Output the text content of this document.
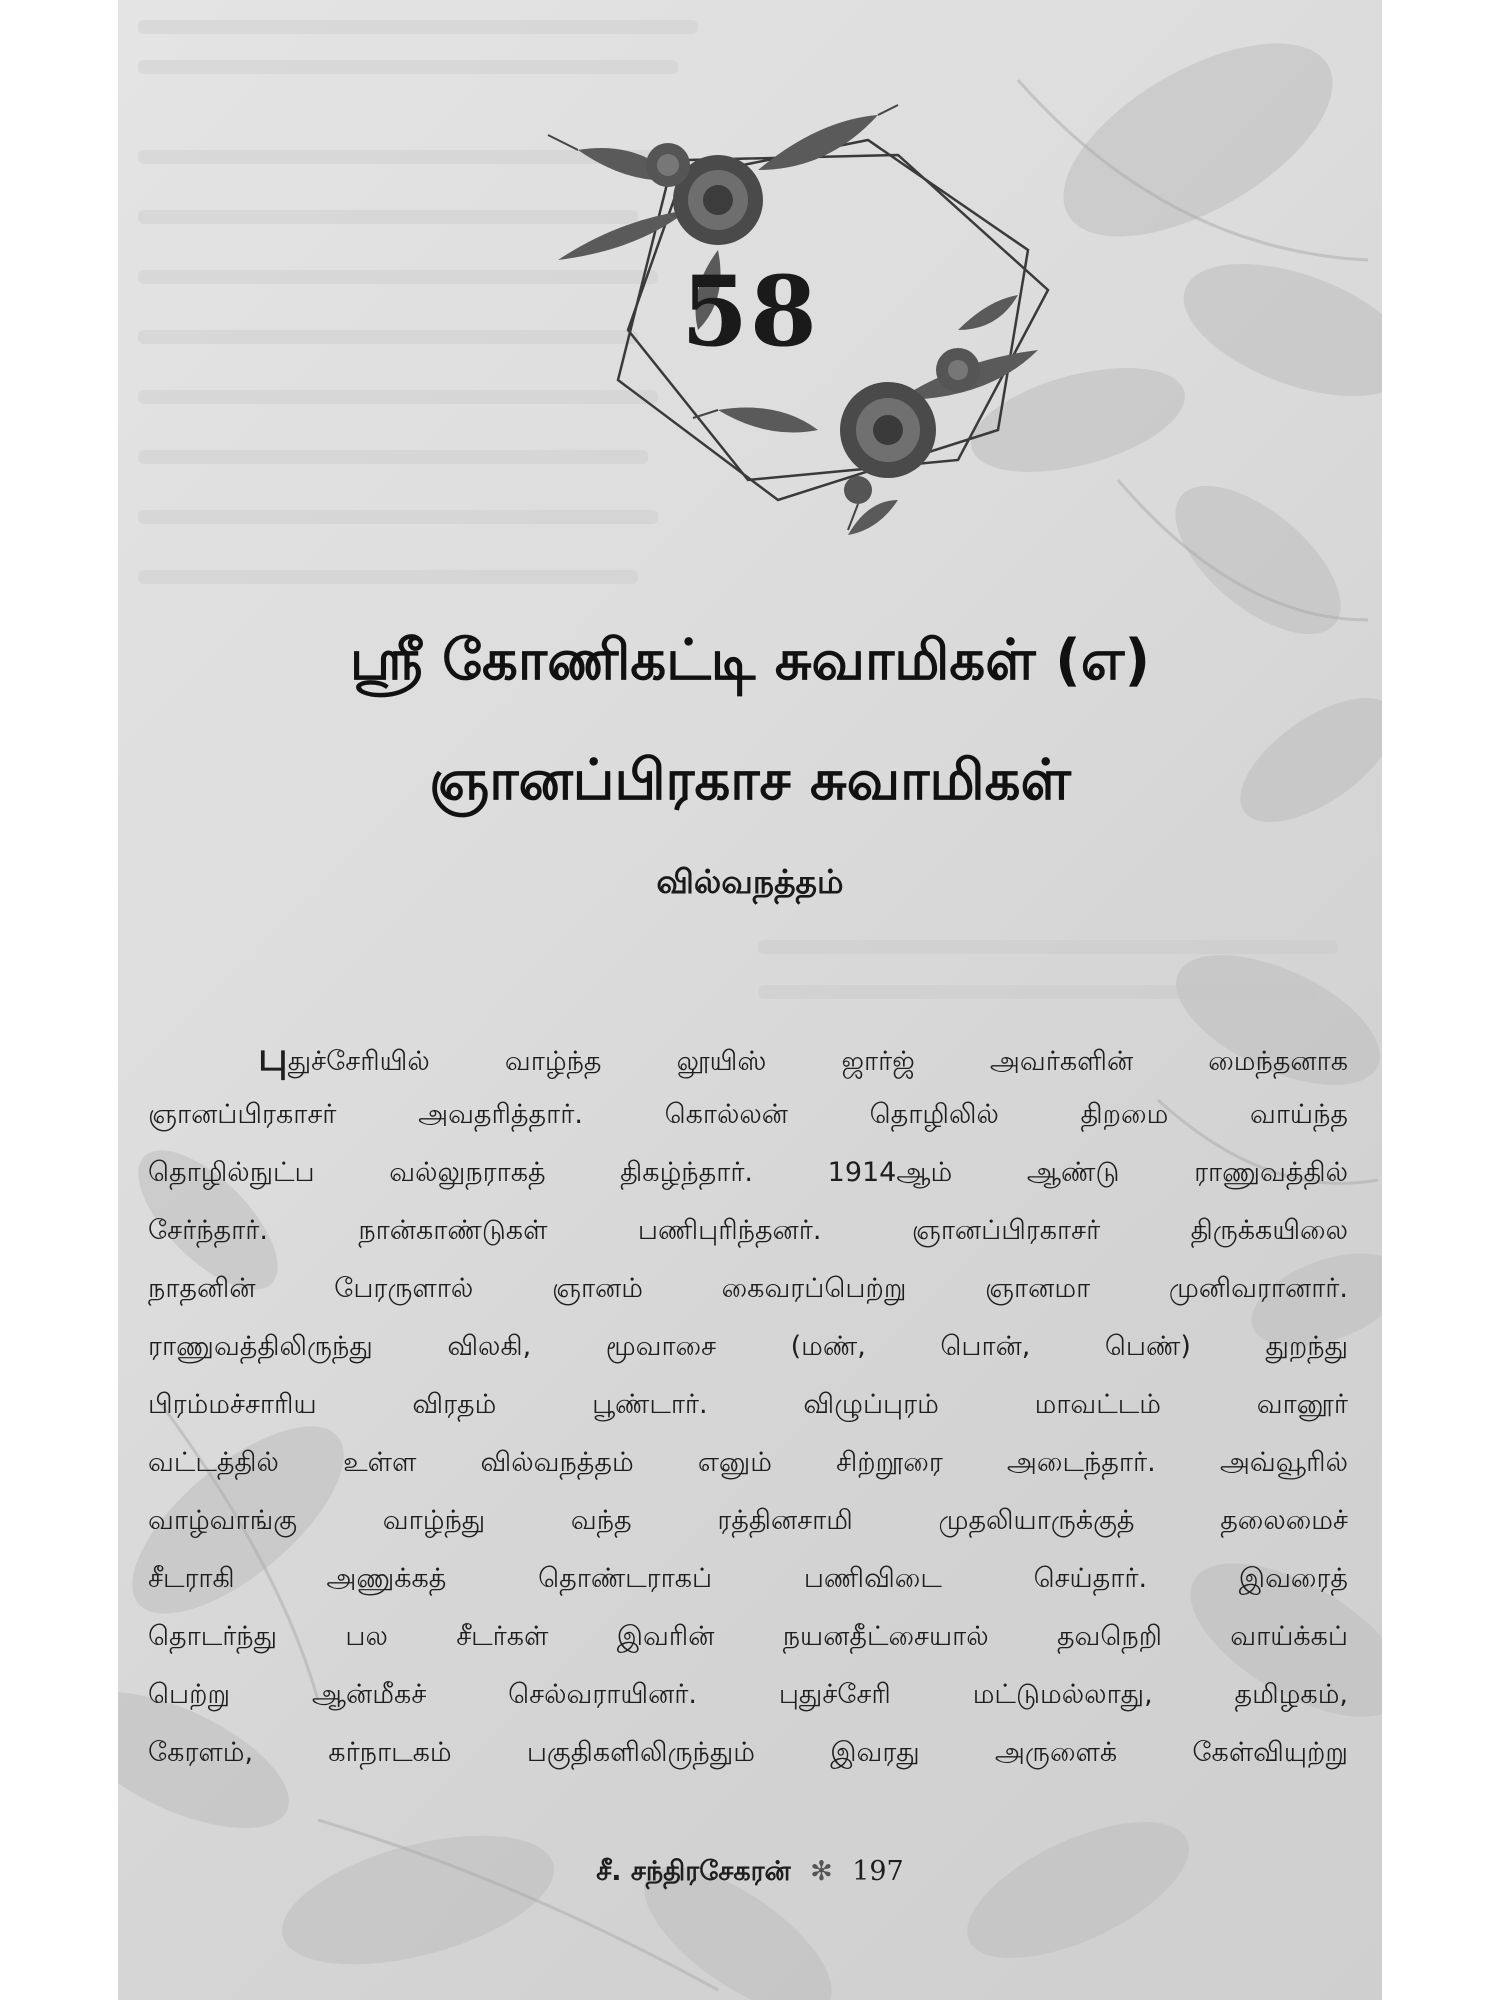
58
ஸ்ரீ கோணிகட்டி சுவாமிகள் (எ)
ஞானப்பிரகாச சுவாமிகள்
வில்வநத்தம்
புதுச்சேரியில் வாழ்ந்த லூயிஸ் ஜார்ஜ் அவர்களின் மைந்தனாக
ஞானப்பிரகாசர் அவதரித்தார். கொல்லன் தொழிலில் திறமை வாய்ந்த
தொழில்நுட்ப வல்லுநராகத் திகழ்ந்தார். 1914ஆம் ஆண்டு ராணுவத்தில்
சேர்ந்தார். நான்காண்டுகள் பணிபுரிந்தனர். ஞானப்பிரகாசர் திருக்கயிலை
நாதனின் பேரருளால் ஞானம் கைவரப்பெற்று ஞானமா முனிவரானார்.
ராணுவத்திலிருந்து விலகி, மூவாசை (மண், பொன், பெண்) துறந்து
பிரம்மச்சாரிய விரதம் பூண்டார். விழுப்புரம் மாவட்டம் வானூர்
வட்டத்தில் உள்ள வில்வநத்தம் எனும் சிற்றூரை அடைந்தார். அவ்வூரில்
வாழ்வாங்கு வாழ்ந்து வந்த ரத்தினசாமி முதலியாருக்குத் தலைமைச்
சீடராகி அணுக்கத் தொண்டராகப் பணிவிடை செய்தார். இவரைத்
தொடர்ந்து பல சீடர்கள் இவரின் நயனதீட்சையால் தவநெறி வாய்க்கப்
பெற்று ஆன்மீகச் செல்வராயினர். புதுச்சேரி மட்டுமல்லாது, தமிழகம்,
கேரளம், கர்நாடகம் பகுதிகளிலிருந்தும் இவரது அருளைக் கேள்வியுற்று
சீ. சந்திரசேகரன் ✻ 197
